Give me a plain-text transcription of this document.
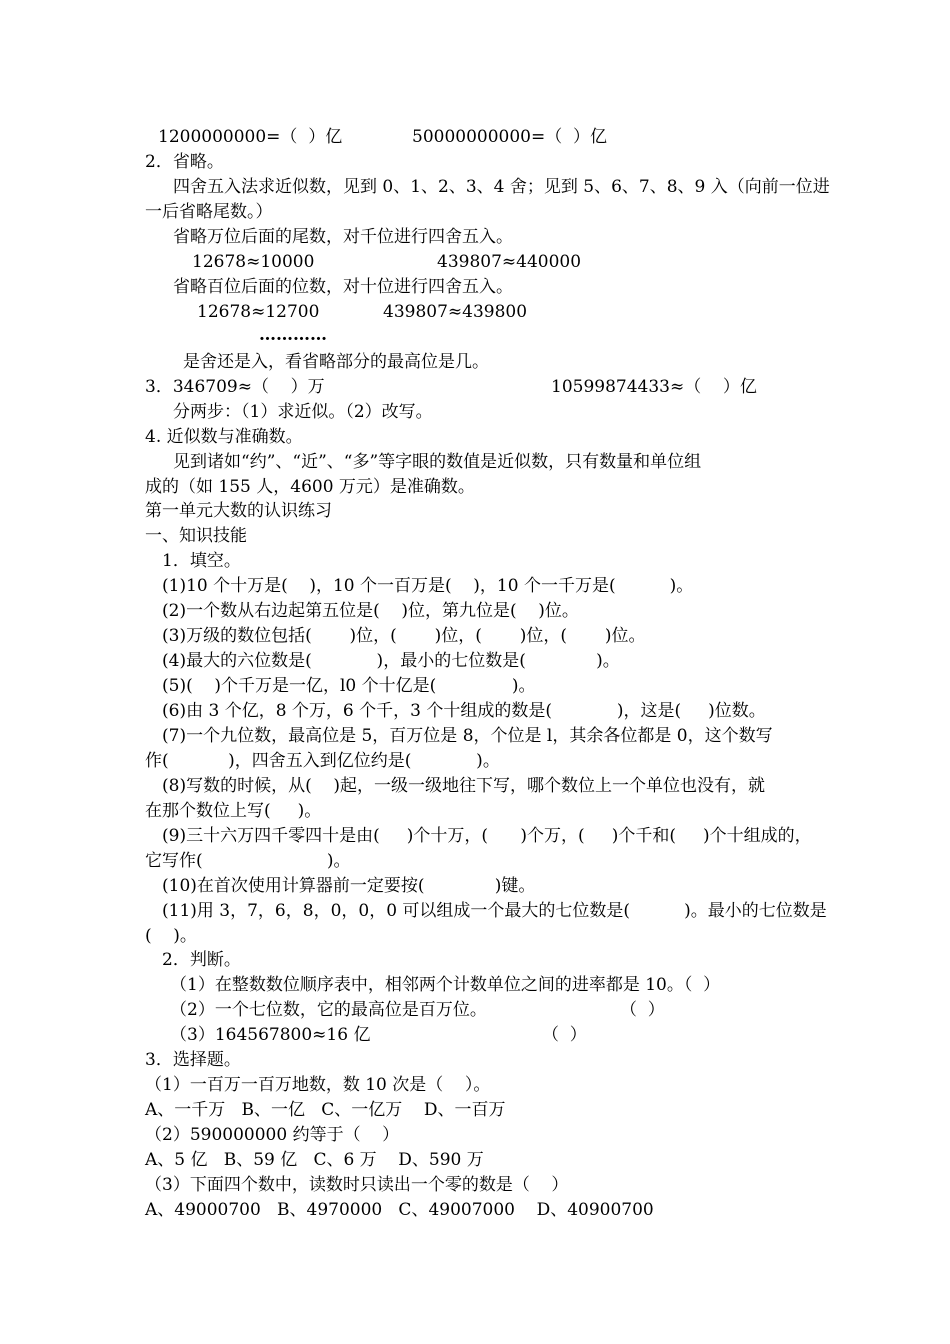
1200000000=（  ）亿	50000000000=（  ）亿
2．省略。
四舍五入法求近似数，见到 0、1、2、3、4 舍；见到 5、6、7、8、9 入（向前一位进
一后省略尾数。）
省略万位后面的尾数，对千位进行四舍五入。
12678≈10000	439807≈440000
省略百位后面的位数，对十位进行四舍五入。
12678≈12700	439807≈439800
…………
是舍还是入，看省略部分的最高位是几。
3．346709≈（    ）万	10599874433≈（    ）亿
分两步：（1）求近似。（2）改写。
4. 近似数与准确数。
见到诸如“约”、“近”、“多”等字眼的数值是近似数，只有数量和单位组
成的（如 155 人，4600 万元）是准确数。
第一单元大数的认识练习
一、知识技能
1．填空。
(1)10 个十万是(    )，10 个一百万是(    )，10 个一千万是(          )。
(2)一个数从右边起第五位是(    )位，第九位是(    )位。
(3)万级的数位包括(       )位，(       )位，(       )位，(       )位。
(4)最大的六位数是(            )，最小的七位数是(             )。
(5)(    )个千万是一亿，l0 个十亿是(              )。
(6)由 3 个亿，8 个万，6 个千，3 个十组成的数是(            )，这是(     )位数。
(7)一个九位数，最高位是 5，百万位是 8，个位是 l，其余各位都是 0，这个数写
作(           )，四舍五入到亿位约是(            )。
(8)写数的时候，从(    )起，一级一级地往下写，哪个数位上一个单位也没有，就
在那个数位上写(     )。
(9)三十六万四千零四十是由(     )个十万，(      )个万，(     )个千和(     )个十组成的，
它写作(                       )。
(10)在首次使用计算器前一定要按(             )键。
(11)用 3，7，6，8，0，0，0 可以组成一个最大的七位数是(          )。最小的七位数是
(    )。
2．判断。
（1）在整数数位顺序表中，相邻两个计数单位之间的进率都是 10。（  ）
（2）一个七位数，它的最高位是百万位。	（  ）
（3）164567800≈16 亿	（  ）
3．选择题。
（1）一百万一百万地数，数 10 次是（    ）。
A、一千万   B、一亿   C、一亿万    D、一百万
（2）590000000 约等于（    ）
A、5 亿   B、59 亿   C、6 万    D、590 万
（3）下面四个数中，读数时只读出一个零的数是（    ）
A、49000700   B、4970000   C、49007000    D、40900700
